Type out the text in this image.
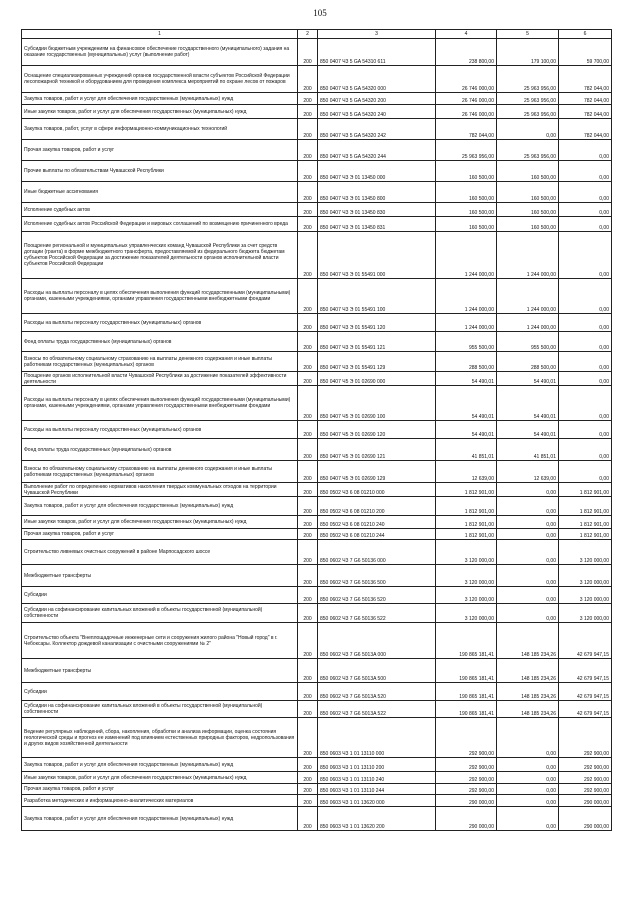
105
1	2	3	4	5	6
Субсидии бюджетным учреждениям на финансовое обеспечение государственного (муниципального) задания на оказание государственных (муниципальных) услуг (выполнение работ)	200	850 0407 Ч3 5 GA 54310 611	238 800,00	179 100,00	59 700,00
Оснащение специализированных учреждений органов государственной власти субъектов Российской Федерации лесопожарной техникой и оборудованием для проведения комплекса мероприятий по охране лесов от пожаров	200	850 0407 Ч3 5 GA 54320 000	26 746 000,00	25 963 956,00	782 044,00
Закупка товаров, работ и услуг для обеспечения государственных (муниципальных) нужд	200	850 0407 Ч3 5 GA 54320 200	26 746 000,00	25 963 956,00	782 044,00
Иные закупки товаров, работ и услуг для обеспечения государственных (муниципальных) нужд	200	850 0407 Ч3 5 GA 54320 240	26 746 000,00	25 963 956,00	782 044,00
Закупка товаров, работ, услуг в сфере информационно-коммуникационных технологий	200	850 0407 Ч3 5 GA 54320 242	782 044,00	0,00	782 044,00
Прочая закупка товаров, работ и услуг	200	850 0407 Ч3 5 GA 54320 244	25 963 956,00	25 963 956,00	0,00
Прочие выплаты по обязательствам Чувашской Республики	200	850 0407 Ч3 Э 01 13450 000	160 500,00	160 500,00	0,00
Иные бюджетные ассигнования	200	850 0407 Ч3 Э 01 13450 800	160 500,00	160 500,00	0,00
Исполнение судебных актов	200	850 0407 Ч3 Э 01 13450 830	160 500,00	160 500,00	0,00
Исполнение судебных актов Российской Федерации и мировых соглашений по возмещению причиненного вреда	200	850 0407 Ч3 Э 01 13450 831	160 500,00	160 500,00	0,00
Поощрение региональной и муниципальных управленческих команд Чувашской Республики за счет средств дотации (гранта) в форме межбюджетного трансферта, предоставляемой из федерального бюджета бюджетам субъектов Российской Федерации за достижение показателей деятельности органов исполнительной власти субъектов Российской Федерации	200	850 0407 Ч3 Э 01 55491 000	1 244 000,00	1 244 000,00	0,00
Расходы на выплаты персоналу в целях обеспечения выполнения функций государственными (муниципальными) органами, казенными учреждениями, органами управления государственными внебюджетными фондами	200	850 0407 Ч3 Э 01 55491 100	1 244 000,00	1 244 000,00	0,00
Расходы на выплаты персоналу государственных (муниципальных) органов	200	850 0407 Ч3 Э 01 55491 120	1 244 000,00	1 244 000,00	0,00
Фонд оплаты труда государственных (муниципальных) органов	200	850 0407 Ч3 Э 01 55491 121	955 500,00	955 500,00	0,00
Взносы по обязательному социальному страхованию на выплаты денежного содержания и иные выплаты работникам государственных (муниципальных) органов	200	850 0407 Ч3 Э 01 55491 129	288 500,00	288 500,00	0,00
Поощрение органов исполнительной власти Чувашской Республики за достижение показателей эффективности деятельности	200	850 0407 Ч5 Э 01 02690 000	54 490,01	54 490,01	0,00
Расходы на выплаты персоналу в целях обеспечения выполнения функций государственными (муниципальными) органами, казенными учреждениями, органами управления государственными внебюджетными фондами	200	850 0407 Ч5 Э 01 02690 100	54 490,01	54 490,01	0,00
Расходы на выплаты персоналу государственных (муниципальных) органов	200	850 0407 Ч5 Э 01 02690 120	54 490,01	54 490,01	0,00
Фонд оплаты труда государственных (муниципальных) органов	200	850 0407 Ч5 Э 01 02690 121	41 851,01	41 851,01	0,00
Взносы по обязательному социальному страхованию на выплаты денежного содержания и иные выплаты работникам государственных (муниципальных) органов	200	850 0407 Ч5 Э 01 02690 129	12 639,00	12 639,00	0,00
Выполнение работ по определению нормативов накопления твердых коммунальных отходов на территории Чувашской Республики	200	850 0502 Ч3 6 08 01210 000	1 812 901,00	0,00	1 812 901,00
Закупка товаров, работ и услуг для обеспечения государственных (муниципальных) нужд	200	850 0502 Ч3 6 08 01210 200	1 812 901,00	0,00	1 812 901,00
Иные закупки товаров, работ и услуг для обеспечения государственных (муниципальных) нужд	200	850 0502 Ч3 6 08 01210 240	1 812 901,00	0,00	1 812 901,00
Прочая закупка товаров, работ и услуг	200	850 0502 Ч3 6 08 01210 244	1 812 901,00	0,00	1 812 901,00
Строительство ливневых очистных сооружений в районе Марпосадского шоссе	200	850 0602 Ч3 7 G6 50136 000	3 120 000,00	0,00	3 120 000,00
Межбюджетные трансферты	200	850 0602 Ч3 7 G6 50136 500	3 120 000,00	0,00	3 120 000,00
Субсидии	200	850 0602 Ч3 7 G6 50136 520	3 120 000,00	0,00	3 120 000,00
Субсидии на софинансирование капитальных вложений в объекты государственной (муниципальной) собственности	200	850 0602 Ч3 7 G6 50136 522	3 120 000,00	0,00	3 120 000,00
Строительство объекта "Внеплощадочные инженерные сети и сооружения жилого района "Новый город" в г. Чебоксары. Коллектор дождевой канализации с очистными сооружениями № 2"	200	850 0602 Ч3 7 G6 5013A 000	190 865 181,41	148 185 234,26	42 679 947,15
Межбюджетные трансферты	200	850 0602 Ч3 7 G6 5013A 500	190 865 181,41	148 185 234,26	42 679 947,15
Субсидии	200	850 0602 Ч3 7 G6 5013A 520	190 865 181,41	148 185 234,26	42 679 947,15
Субсидии на софинансирование капитальных вложений в объекты государственной (муниципальной) собственности	200	850 0602 Ч3 7 G6 5013A 522	190 865 181,41	148 185 234,26	42 679 947,15
Ведение регулярных наблюдений, сбора, накопления, обработки и анализа информации, оценка состояния геологической среды и прогноз ее изменений под влиянием естественных природных факторов, недропользования и других видов хозяйственной деятельности	200	850 0603 Ч3 1 01 13110 000	292 900,00	0,00	292 900,00
Закупка товаров, работ и услуг для обеспечения государственных (муниципальных) нужд	200	850 0603 Ч3 1 01 13110 200	292 900,00	0,00	292 900,00
Иные закупки товаров, работ и услуг для обеспечения государственных (муниципальных) нужд	200	850 0603 Ч3 1 01 13110 240	292 900,00	0,00	292 900,00
Прочая закупка товаров, работ и услуг	200	850 0603 Ч3 1 01 13110 244	292 900,00	0,00	292 900,00
Разработка методических и информационно-аналитических материалов	200	850 0603 Ч3 1 01 13620 000	290 000,00	0,00	290 000,00
Закупка товаров, работ и услуг для обеспечения государственных (муниципальных) нужд	200	850 0603 Ч3 1 01 13620 200	290 000,00	0,00	290 000,00
